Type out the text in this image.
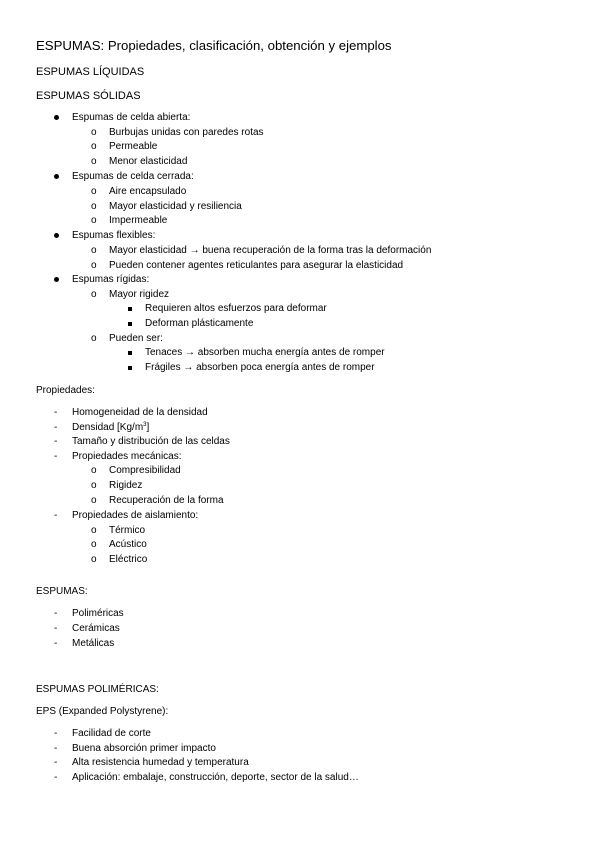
ESPUMAS: Propiedades, clasificación, obtención y ejemplos
ESPUMAS LÍQUIDAS
ESPUMAS SÓLIDAS
Espumas de celda abierta:
o Burbujas unidas con paredes rotas
o Permeable
o Menor elasticidad
Espumas de celda cerrada:
o Aire encapsulado
o Mayor elasticidad y resiliencia
o Impermeable
Espumas flexibles:
o Mayor elasticidad → buena recuperación de la forma tras la deformación
o Pueden contener agentes reticulantes para asegurar la elasticidad
Espumas rígidas:
o Mayor rigidez
Requieren altos esfuerzos para deformar
Deforman plásticamente
o Pueden ser:
Tenaces → absorben mucha energía antes de romper
Frágiles → absorben poca energía antes de romper
Propiedades:
- Homogeneidad de la densidad
- Densidad $[Kg/m^3]$
- Tamaño y distribución de las celdas
- Propiedades mecánicas:
o Compresibilidad
o Rigidez
o Recuperación de la forma
- Propiedades de aislamiento:
o Térmico
o Acústico
o Eléctrico
ESPUMAS:
- Poliméricas
- Cerámicas
- Metálicas
ESPUMAS POLIMÉRICAS:
EPS (Expanded Polystyrene):
- Facilidad de corte
- Buena absorción primer impacto
- Alta resistencia humedad y temperatura
- Aplicación: embalaje, construcción, deporte, sector de la salud…
